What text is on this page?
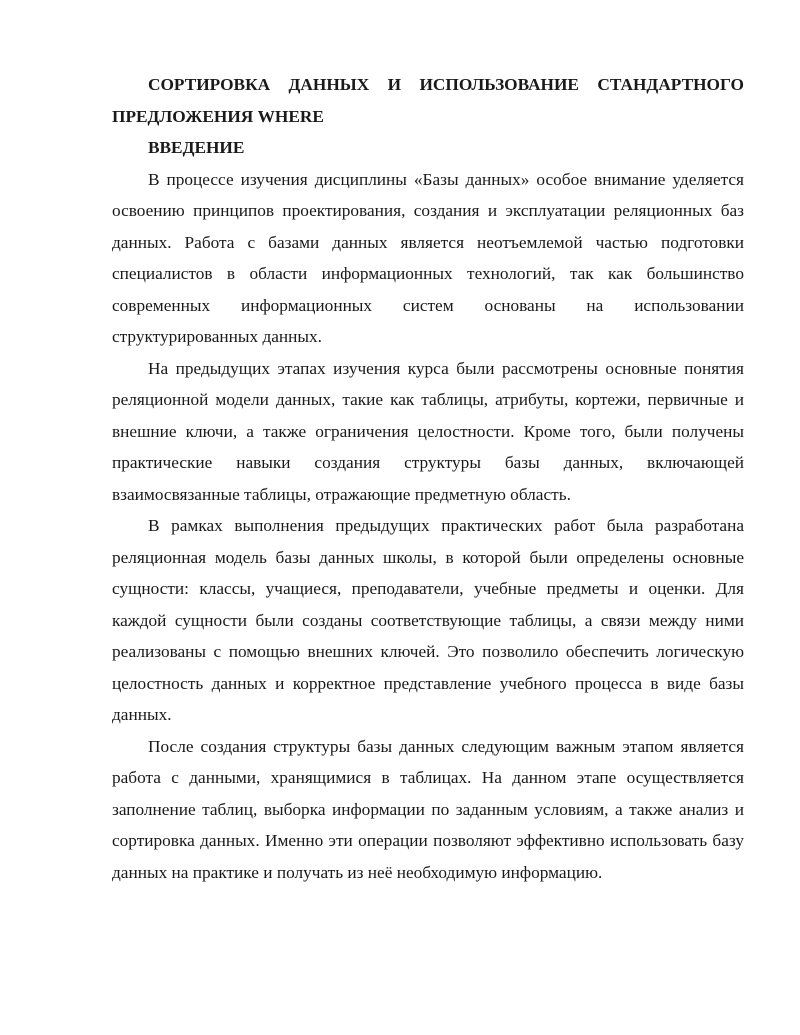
СОРТИРОВКА ДАННЫХ И ИСПОЛЬЗОВАНИЕ СТАНДАРТНОГО ПРЕДЛОЖЕНИЯ WHERE

ВВЕДЕНИЕ

В процессе изучения дисциплины «Базы данных» особое внимание уделяется освоению принципов проектирования, создания и эксплуатации реляционных баз данных. Работа с базами данных является неотъемлемой частью подготовки специалистов в области информационных технологий, так как большинство современных информационных систем основаны на использовании структурированных данных.

На предыдущих этапах изучения курса были рассмотрены основные понятия реляционной модели данных, такие как таблицы, атрибуты, кортежи, первичные и внешние ключи, а также ограничения целостности. Кроме того, были получены практические навыки создания структуры базы данных, включающей взаимосвязанные таблицы, отражающие предметную область.

В рамках выполнения предыдущих практических работ была разработана реляционная модель базы данных школы, в которой были определены основные сущности: классы, учащиеся, преподаватели, учебные предметы и оценки. Для каждой сущности были созданы соответствующие таблицы, а связи между ними реализованы с помощью внешних ключей. Это позволило обеспечить логическую целостность данных и корректное представление учебного процесса в виде базы данных.

После создания структуры базы данных следующим важным этапом является работа с данными, хранящимися в таблицах. На данном этапе осуществляется заполнение таблиц, выборка информации по заданным условиям, а также анализ и сортировка данных. Именно эти операции позволяют эффективно использовать базу данных на практике и получать из неё необходимую информацию.
